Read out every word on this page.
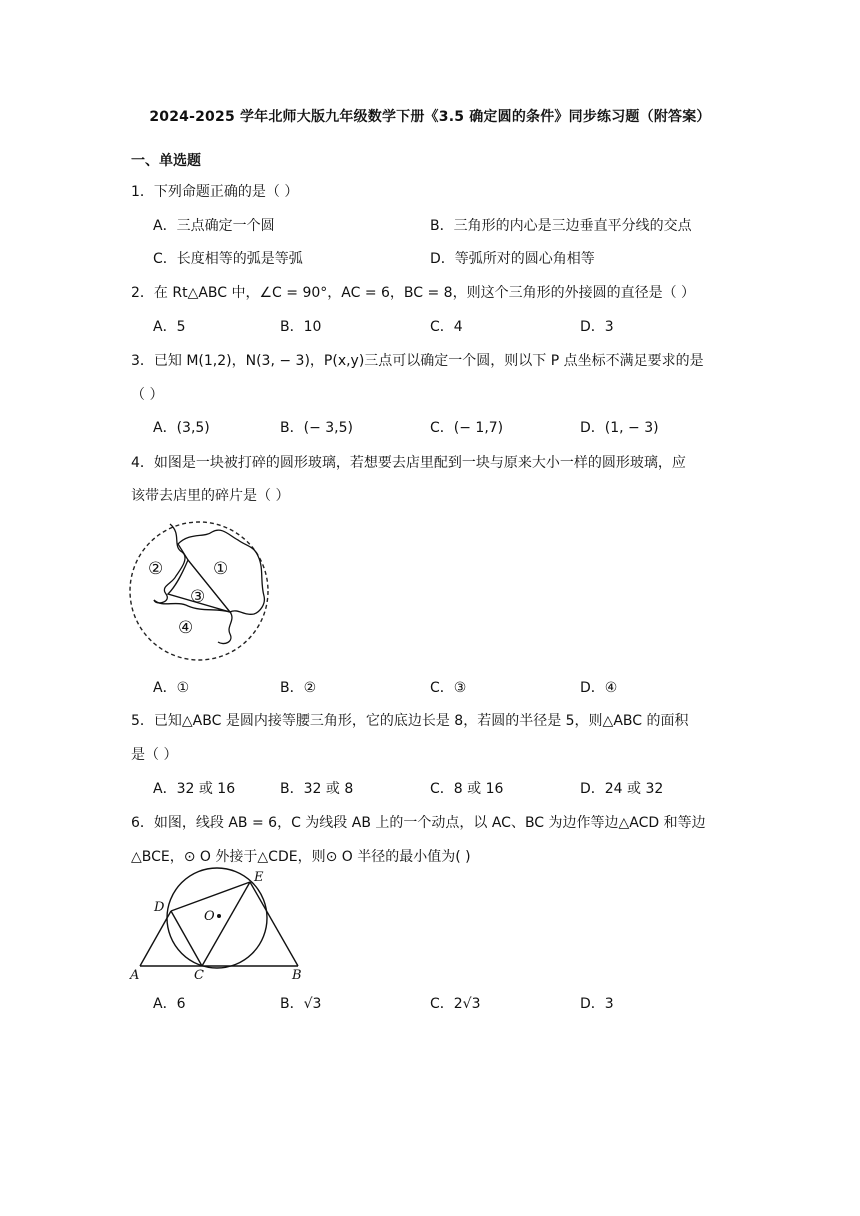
2024-2025 学年北师大版九年级数学下册《3.5 确定圆的条件》同步练习题（附答案）
一、单选题
1．下列命题正确的是（ ）
A．三点确定一个圆	B．三角形的内心是三边垂直平分线的交点
C．长度相等的弧是等弧	D．等弧所对的圆心角相等
2．在 Rt△ABC 中，∠C = 90°，AC = 6，BC = 8，则这个三角形的外接圆的直径是（ ）
A．5	B．10	C．4	D．3
3．已知 M(1,2)，N(3, − 3)，P(x,y)三点可以确定一个圆，则以下 P 点坐标不满足要求的是
（ ）
A．(3,5)	B．(− 3,5)	C．(− 1,7)	D．(1, − 3)
4．如图是一块被打碎的圆形玻璃，若想要去店里配到一块与原来大小一样的圆形玻璃，应
该带去店里的碎片是（ ）
①
②
③
④
A．①	B．②	C．③	D．④
5．已知△ABC 是圆内接等腰三角形，它的底边长是 8，若圆的半径是 5，则△ABC 的面积
是（ ）
A．32 或 16	B．32 或 8	C．8 或 16	D．24 或 32
6．如图，线段 AB = 6，C 为线段 AB 上的一个动点，以 AC、BC 为边作等边△ACD 和等边
△BCE，⊙ O 外接于△CDE，则⊙ O 半径的最小值为( )
A	B
C
D
E
O
A．6	B．√3	C．2√3	D．3
